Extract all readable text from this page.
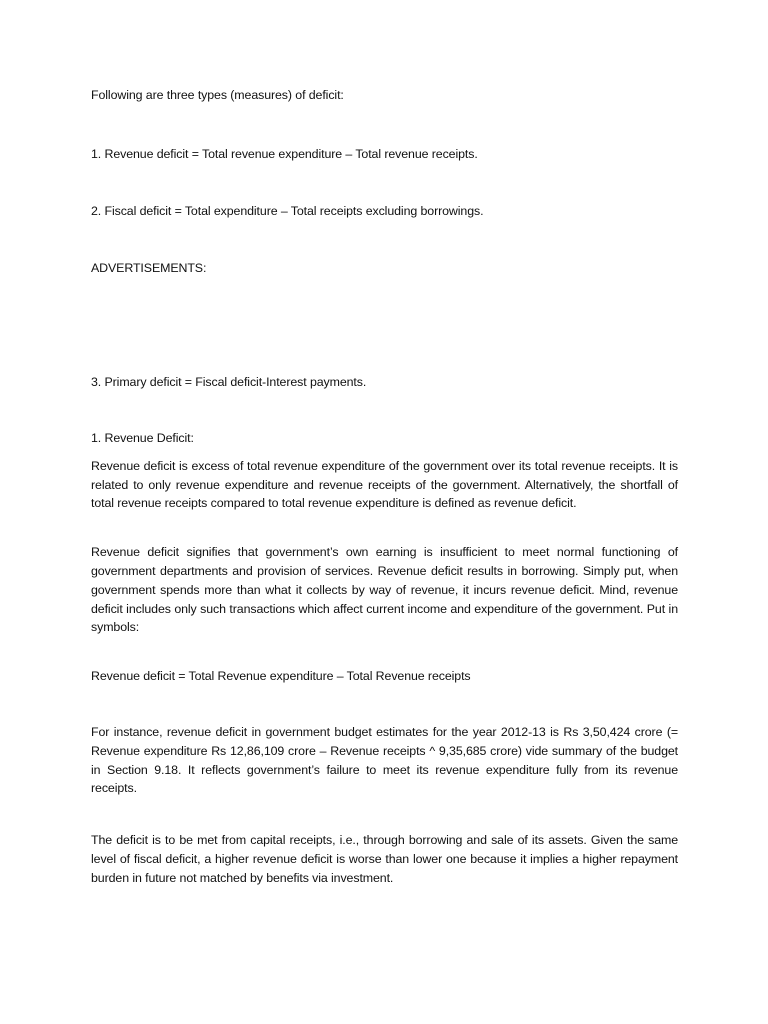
Following are three types (measures) of deficit:

1. Revenue deficit = Total revenue expenditure – Total revenue receipts.

2. Fiscal deficit = Total expenditure – Total receipts excluding borrowings.

ADVERTISEMENTS:

3. Primary deficit = Fiscal deficit-Interest payments.

1. Revenue Deficit:

Revenue deficit is excess of total revenue expenditure of the government over its total revenue receipts. It is related to only revenue expenditure and revenue receipts of the government. Alternatively, the shortfall of total revenue receipts compared to total revenue expenditure is defined as revenue deficit.

Revenue deficit signifies that government’s own earning is insufficient to meet normal functioning of government departments and provision of services. Revenue deficit results in borrowing. Simply put, when government spends more than what it collects by way of revenue, it incurs revenue deficit. Mind, revenue deficit includes only such transactions which affect current income and expenditure of the government. Put in symbols:

Revenue deficit = Total Revenue expenditure – Total Revenue receipts

For instance, revenue deficit in government budget estimates for the year 2012-13 is Rs 3,50,424 crore (= Revenue expenditure Rs 12,86,109 crore – Revenue receipts ^ 9,35,685 crore) vide summary of the budget in Section 9.18. It reflects government’s failure to meet its revenue expenditure fully from its revenue receipts.

The deficit is to be met from capital receipts, i.e., through borrowing and sale of its assets. Given the same level of fiscal deficit, a higher revenue deficit is worse than lower one because it implies a higher repayment burden in future not matched by benefits via investment.
